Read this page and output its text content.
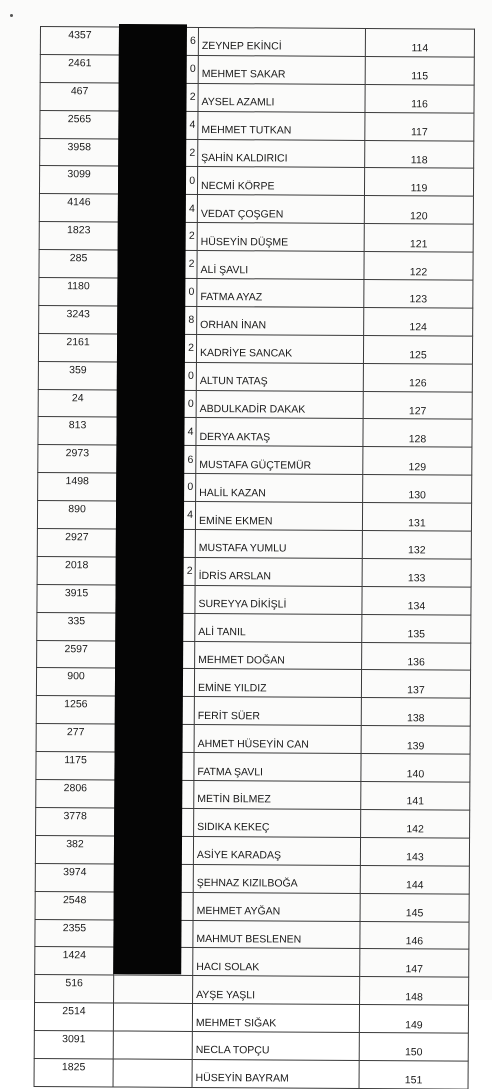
4357	6	ZEYNEP EKİNCİ	114
2461	0	MEHMET SAKAR	115
467	2	AYSEL AZAMLI	116
2565	4	MEHMET TUTKAN	117
3958	2	ŞAHİN KALDIRICI	118
3099	0	NECMİ KÖRPE	119
4146	4	VEDAT ÇOŞGEN	120
1823	2	HÜSEYİN DÜŞME	121
285	2	ALİ ŞAVLI	122
1180	0	FATMA AYAZ	123
3243	8	ORHAN İNAN	124
2161	2	KADRİYE SANCAK	125
359	0	ALTUN TATAŞ	126
24	0	ABDULKADİR DAKAK	127
813	4	DERYA AKTAŞ	128
2973	6	MUSTAFA GÜÇTEMÜR	129
1498	0	HALİL KAZAN	130
890	4	EMİNE EKMEN	131
2927		MUSTAFA YUMLU	132
2018	2	İDRİS ARSLAN	133
3915		SUREYYA DİKİŞLİ	134
335		ALİ TANIL	135
2597		MEHMET DOĞAN	136
900		EMİNE YILDIZ	137
1256		FERİT SÜER	138
277		AHMET HÜSEYİN CAN	139
1175		FATMA ŞAVLI	140
2806		METİN BİLMEZ	141
3778		SIDIKA KEKEÇ	142
382		ASİYE KARADAŞ	143
3974		ŞEHNAZ KIZILBOĞA	144
2548		MEHMET AYĞAN	145
2355		MAHMUT BESLENEN	146
1424		HACI SOLAK	147
516		AYŞE YAŞLI	148
2514		MEHMET SIĞAK	149
3091		NECLA TOPÇU	150
1825		HÜSEYİN BAYRAM	151
